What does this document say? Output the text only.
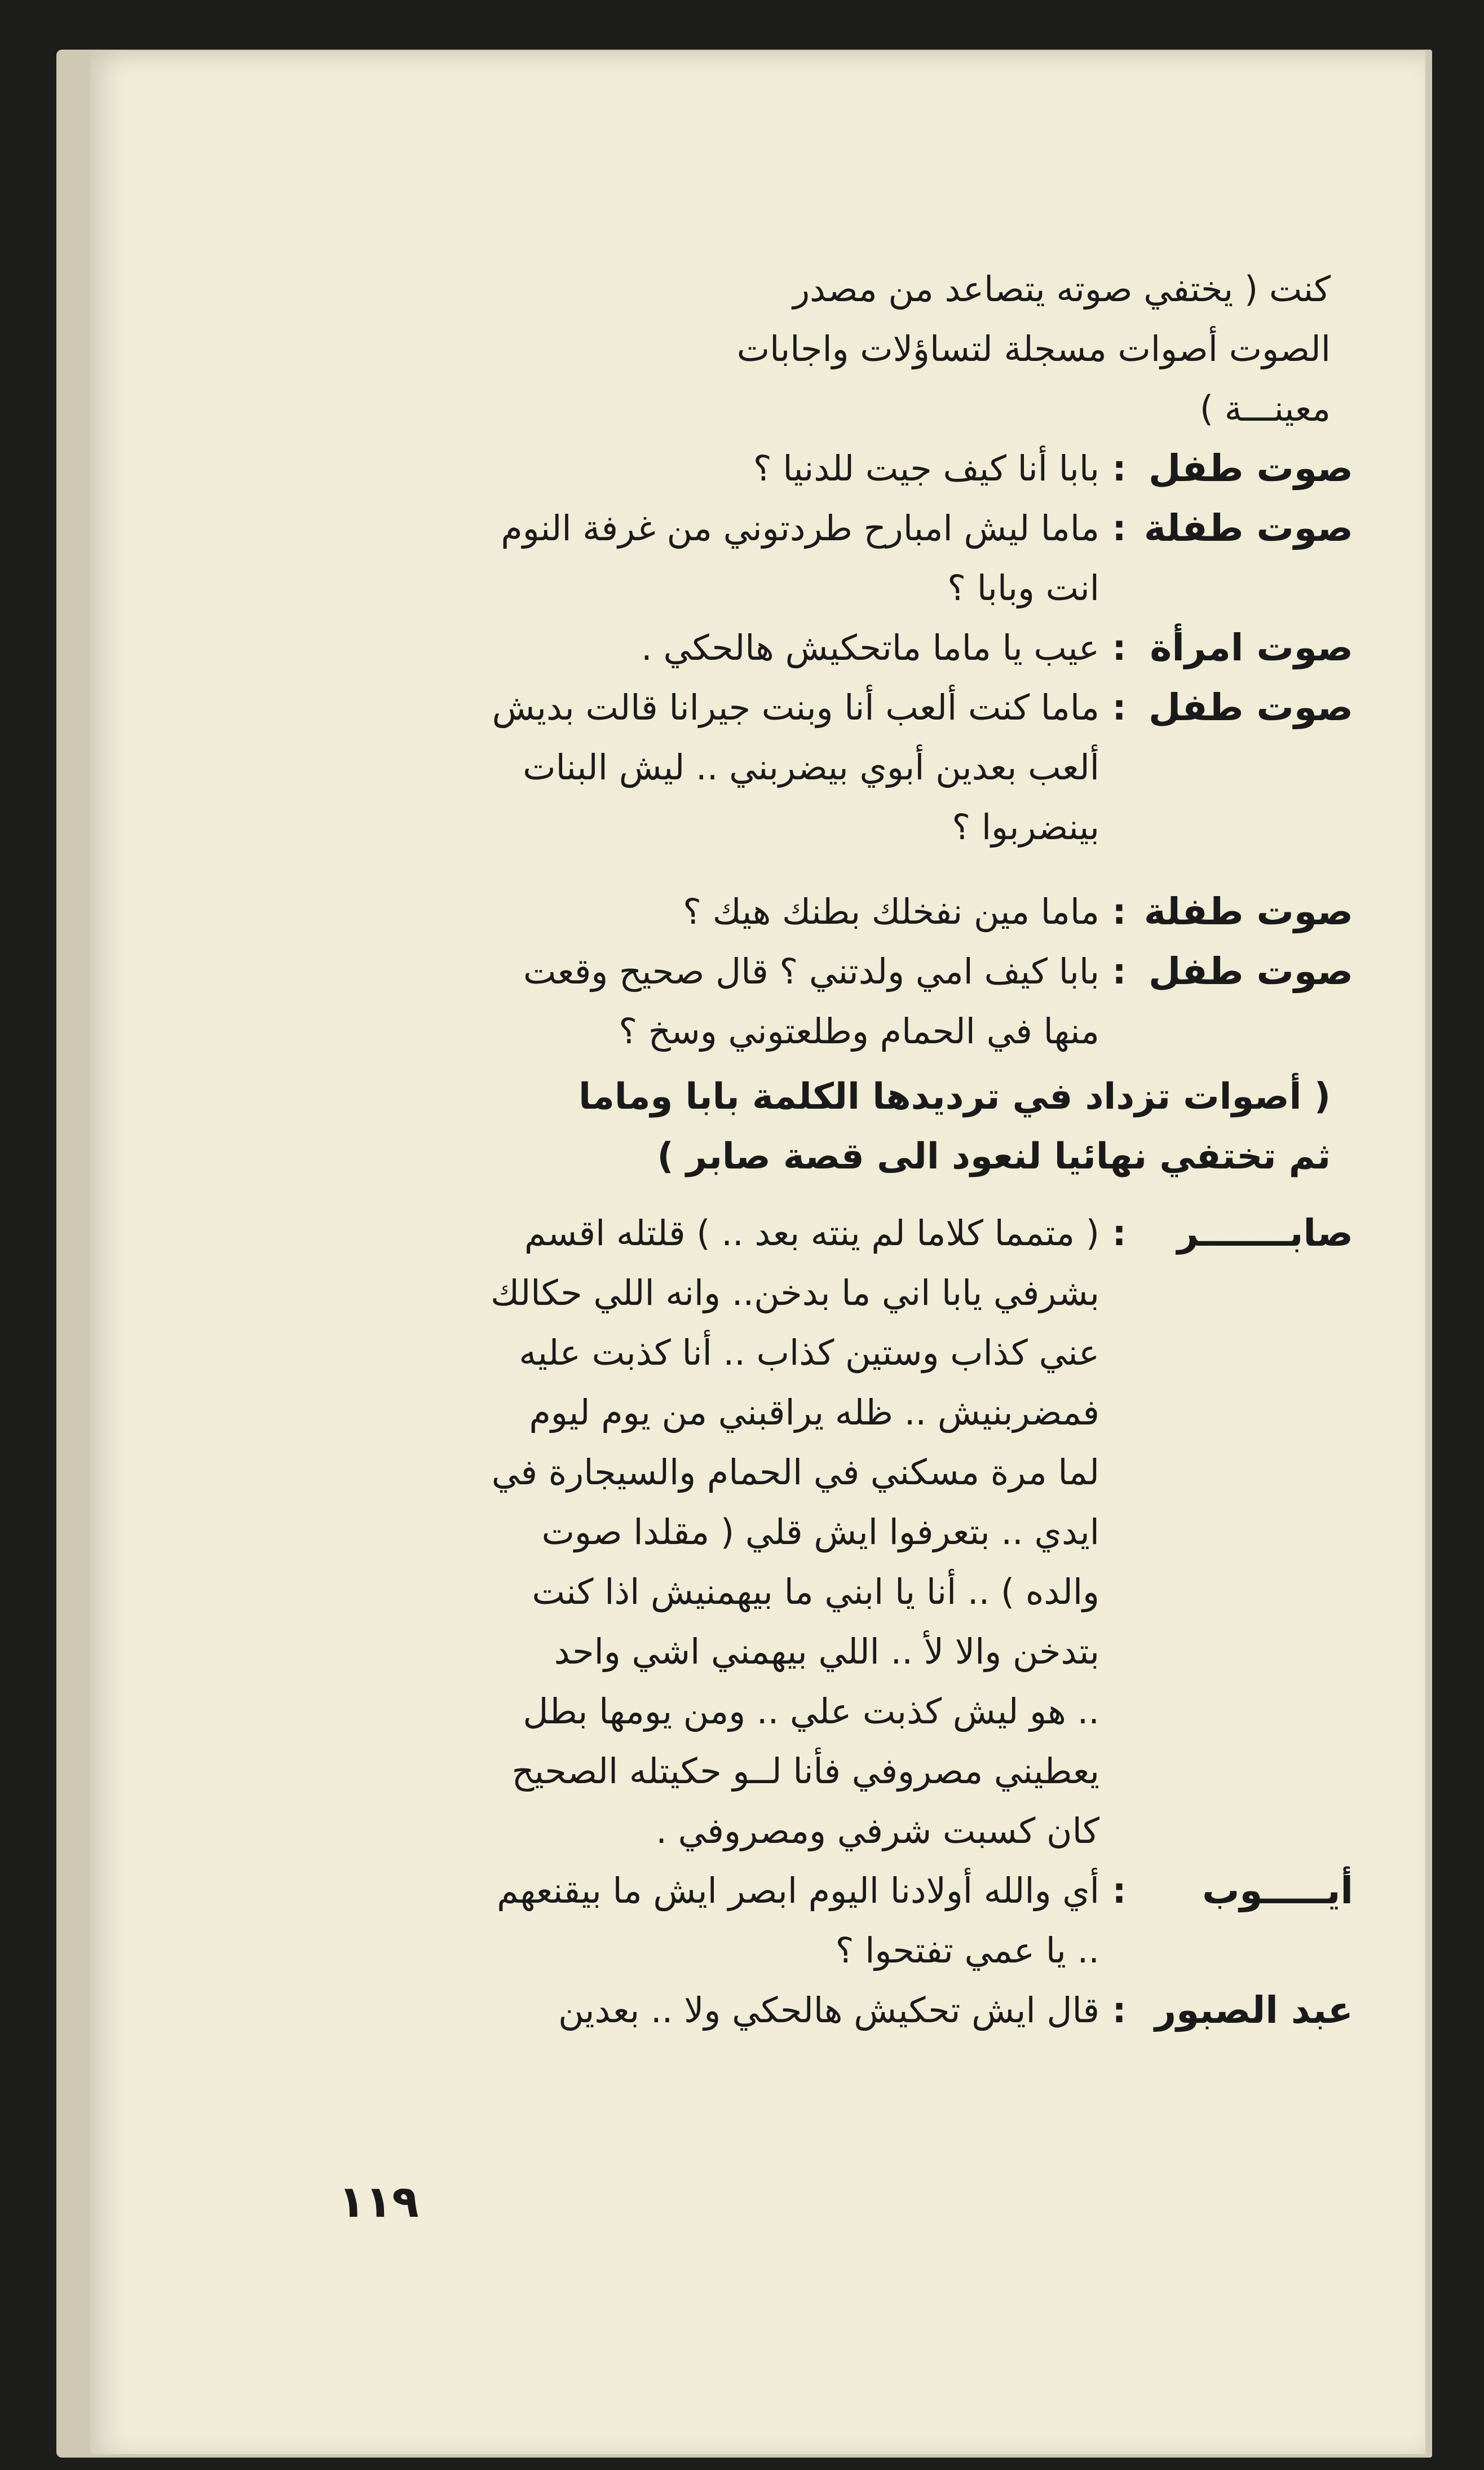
كنت ( يختفي صوته يتصاعد من مصدر
الصوت أصوات مسجلة لتساؤلات واجابات
معينـــة )
صوت طفل
:
بابا أنا كيف جيت للدنيا ؟
صوت طفلة
:
ماما ليش امبارح طردتوني من غرفة النوم
انت وبابا ؟
صوت امرأة
:
عيب يا ماما ماتحكيش هالحكي .
صوت طفل
:
ماما كنت ألعب أنا وبنت جيرانا قالت بديش
ألعب بعدين أبوي بيضربني .. ليش البنات
بينضربوا ؟
صوت طفلة
:
ماما مين نفخلك بطنك هيك ؟
صوت طفل
:
بابا كيف امي ولدتني ؟ قال صحيح وقعت
منها في الحمام وطلعتوني وسخ ؟
( أصوات تزداد في ترديدها الكلمة بابا وماما
ثم تختفي نهائيا لنعود الى قصة صابر )
صابـــــــر
:
( متمما كلاما لم ينته بعد .. ) قلتله اقسم
بشرفي يابا اني ما بدخن.. وانه اللي حكالك
عني كذاب وستين كذاب .. أنا كذبت عليه
فمضربنيش .. ظله يراقبني من يوم ليوم
لما مرة مسكني في الحمام والسيجارة في
ايدي .. بتعرفوا ايش قلي ( مقلدا صوت
والده ) .. أنا يا ابني ما بيهمنيش اذا كنت
بتدخن والا لأ .. اللي بيهمني اشي واحد
.. هو ليش كذبت علي .. ومن يومها بطل
يعطيني مصروفي فأنا لــو حكيتله الصحيح
كان كسبت شرفي ومصروفي .
أيـــــوب
:
أي والله أولادنا اليوم ابصر ايش ما بيقنعهم
.. يا عمي تفتحوا ؟
عبد الصبور
:
قال ايش تحكيش هالحكي ولا .. بعدين
١١٩
